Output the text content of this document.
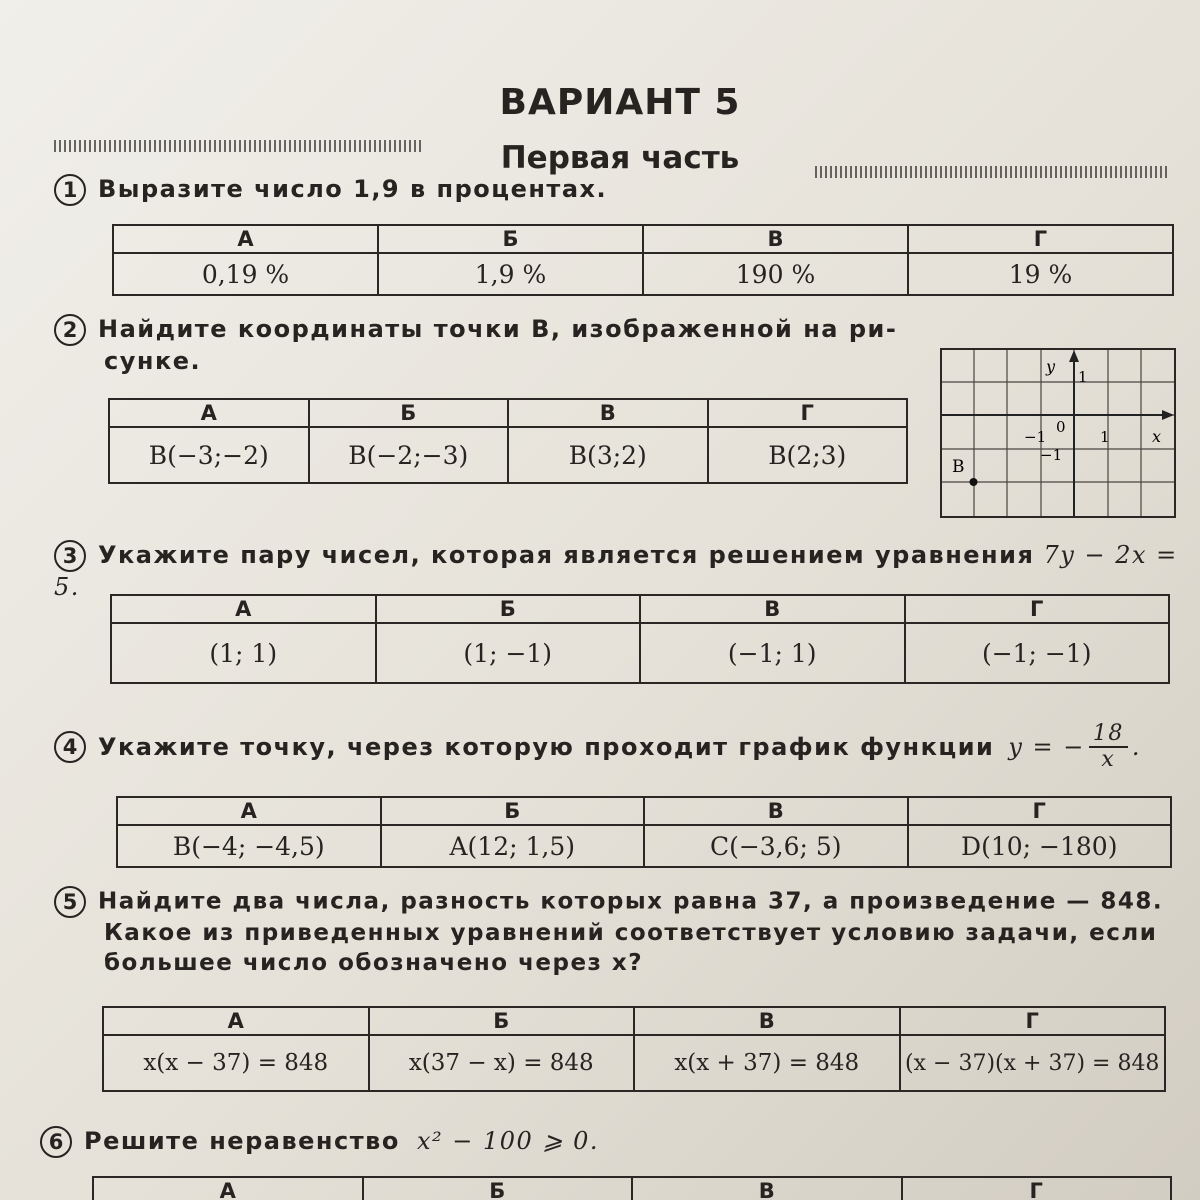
ВАРИАНТ 5
Первая часть
1 Выразите число 1,9 в процентах.
А	Б	В	Г
0,19 %	1,9 %	190 %	19 %
2 Найдите координаты точки B, изображенной на ри-
сунке.
А	Б	В	Г
B(−3;−2)	B(−2;−3)	B(3;2)	B(2;3)
y
x
1
0
−1	1
−1
B
3 Укажите пару чисел, которая является решением уравнения 7y − 2x = 5.
А	Б	В	Г
(1; 1)	(1; −1)	(−1; 1)	(−1; −1)
4 Укажите точку, через которую проходит график функции y = − $\frac{18}{x}$ .
А	Б	В	Г
B(−4; −4,5)	A(12; 1,5)	C(−3,6; 5)	D(10; −180)
5 Найдите два числа, разность которых равна 37, а произведение — 848.
Какое из приведенных уравнений соответствует условию задачи, если
большее число обозначено через x?
А	Б	В	Г
x(x − 37) = 848	x(37 − x) = 848	x(x + 37) = 848	(x − 37)(x + 37) = 848
6 Решите неравенство x² − 100 ⩾ 0.
А	Б	В	Г
